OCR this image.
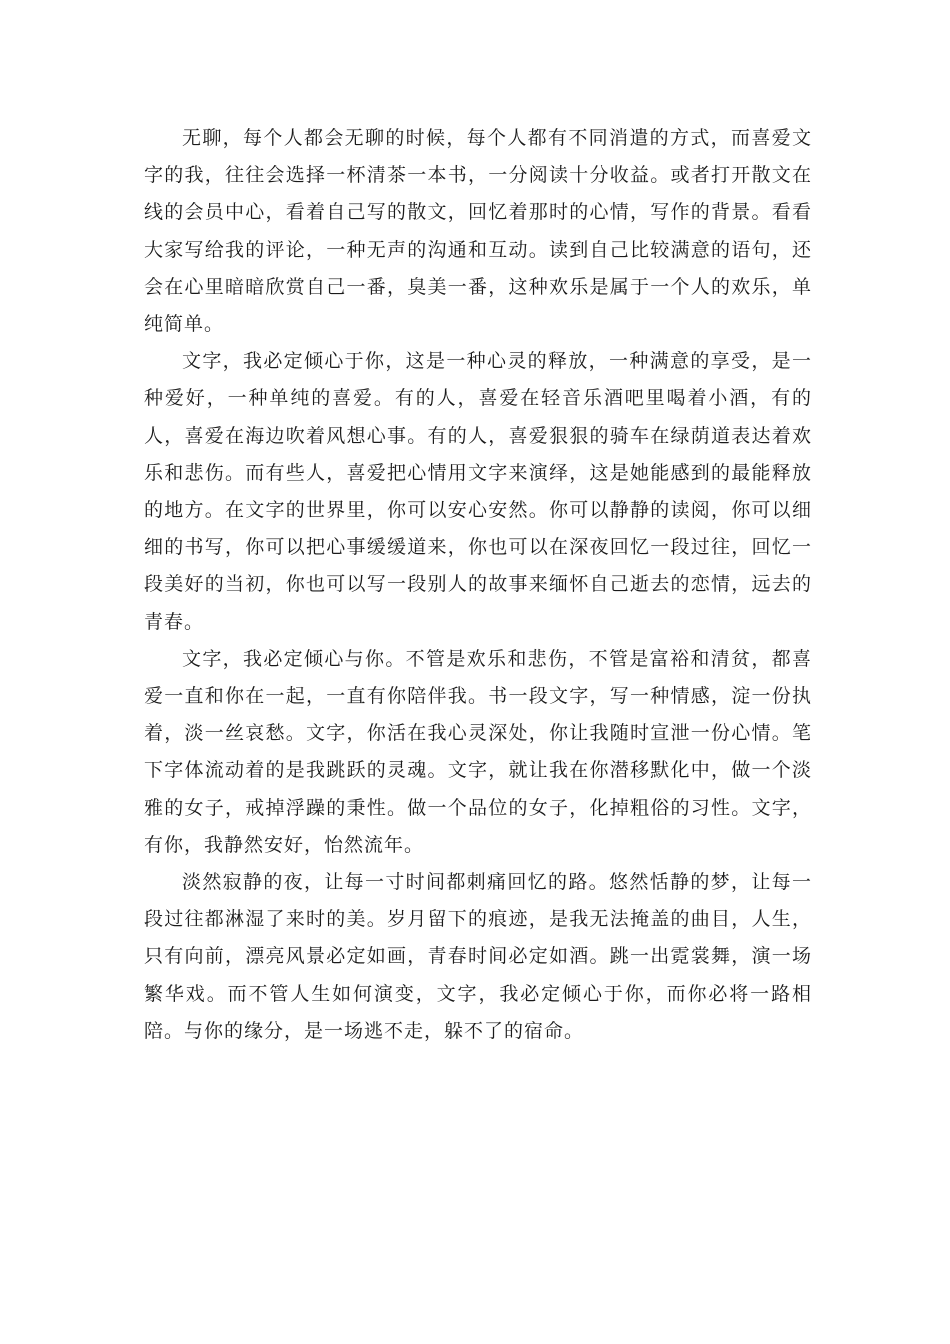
无聊，每个人都会无聊的时候，每个人都有不同消遣的方式，而喜爱文字的我，往往会选择一杯清茶一本书，一分阅读十分收益。或者打开散文在线的会员中心，看着自己写的散文，回忆着那时的心情，写作的背景。看看大家写给我的评论，一种无声的沟通和互动。读到自己比较满意的语句，还会在心里暗暗欣赏自己一番，臭美一番，这种欢乐是属于一个人的欢乐，单纯简单。

文字，我必定倾心于你，这是一种心灵的释放，一种满意的享受，是一种爱好，一种单纯的喜爱。有的人，喜爱在轻音乐酒吧里喝着小酒，有的人，喜爱在海边吹着风想心事。有的人，喜爱狠狠的骑车在绿荫道表达着欢乐和悲伤。而有些人，喜爱把心情用文字来演绎，这是她能感到的最能释放的地方。在文字的世界里，你可以安心安然。你可以静静的读阅，你可以细细的书写，你可以把心事缓缓道来，你也可以在深夜回忆一段过往，回忆一段美好的当初，你也可以写一段别人的故事来缅怀自己逝去的恋情，远去的青春。

文字，我必定倾心与你。不管是欢乐和悲伤，不管是富裕和清贫，都喜爱一直和你在一起，一直有你陪伴我。书一段文字，写一种情感，淀一份执着，淡一丝哀愁。文字，你活在我心灵深处，你让我随时宣泄一份心情。笔下字体流动着的是我跳跃的灵魂。文字，就让我在你潜移默化中，做一个淡雅的女子，戒掉浮躁的秉性。做一个品位的女子，化掉粗俗的习性。文字，有你，我静然安好，怡然流年。

淡然寂静的夜，让每一寸时间都刺痛回忆的路。悠然恬静的梦，让每一段过往都淋湿了来时的美。岁月留下的痕迹，是我无法掩盖的曲目，人生，只有向前，漂亮风景必定如画，青春时间必定如酒。跳一出霓裳舞，演一场繁华戏。而不管人生如何演变，文字，我必定倾心于你，而你必将一路相陪。与你的缘分，是一场逃不走，躲不了的宿命。
